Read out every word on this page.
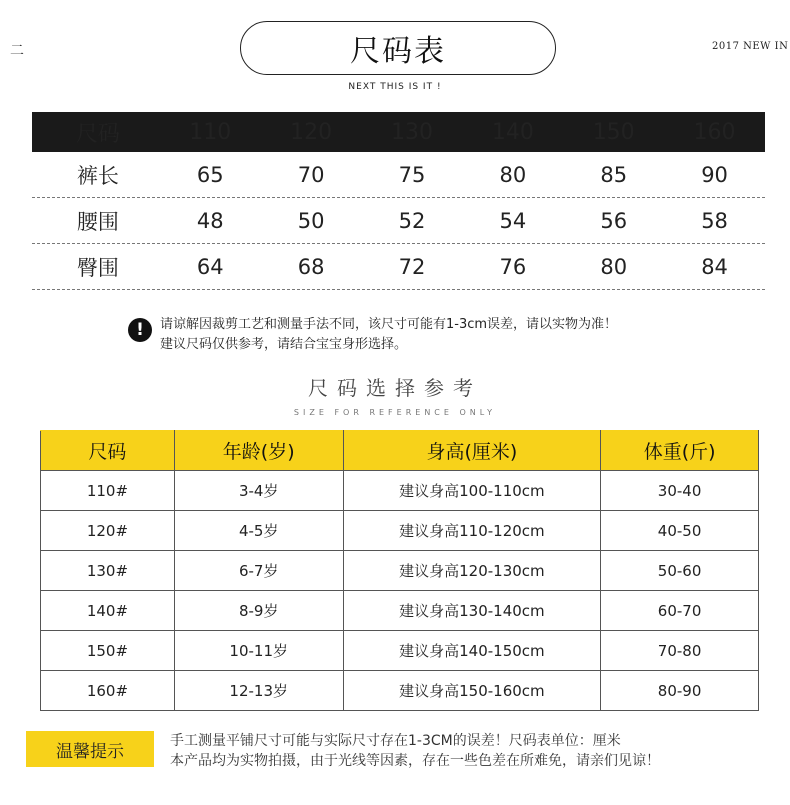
二	尺码表	2017 NEW IN
NEXT THIS IS IT !
尺码	110	120	130	140	150	160
裤长	65	70	75	80	85	90
腰围	48	50	52	54	56	58
臀围	64	68	72	76	80	84
!	请谅解因裁剪工艺和测量手法不同，该尺寸可能有1-3cm误差，请以实物为准！
建议尺码仅供参考，请结合宝宝身形选择。
尺码选择参考
SIZE FOR REFERENCE ONLY
尺码	年龄(岁)	身高(厘米)	体重(斤)
110#	3-4岁	建议身高100-110cm	30-40
120#	4-5岁	建议身高110-120cm	40-50
130#	6-7岁	建议身高120-130cm	50-60
140#	8-9岁	建议身高130-140cm	60-70
150#	10-11岁	建议身高140-150cm	70-80
160#	12-13岁	建议身高150-160cm	80-90
温馨提示
手工测量平铺尺寸可能与实际尺寸存在1-3CM的误差！尺码表单位：厘米
本产品均为实物拍摄，由于光线等因素，存在一些色差在所难免，请亲们见谅！
